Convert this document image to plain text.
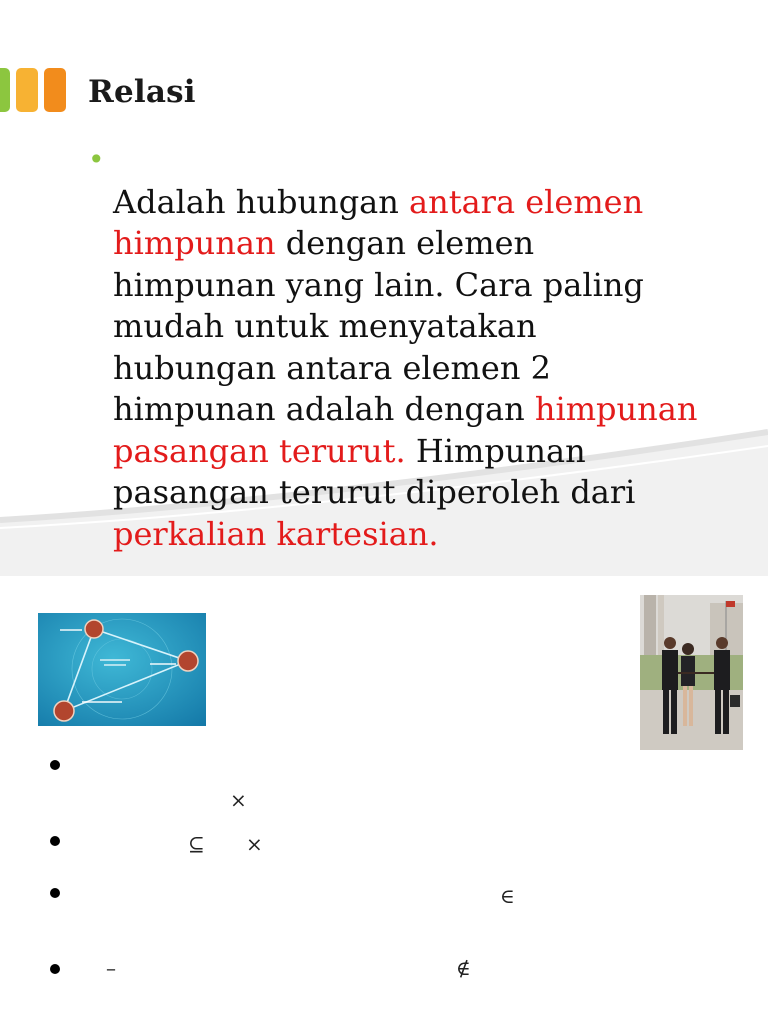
Relasi
•

Adalah hubungan antara elemen
himpunan dengan elemen
himpunan yang lain. Cara paling
mudah untuk menyatakan
hubungan antara elemen 2
himpunan adalah dengan himpunan
pasangan terurut. Himpunan
pasangan terurut diperoleh dari
perkalian kartesian.

×
⊆ ×
∈
–	∉
